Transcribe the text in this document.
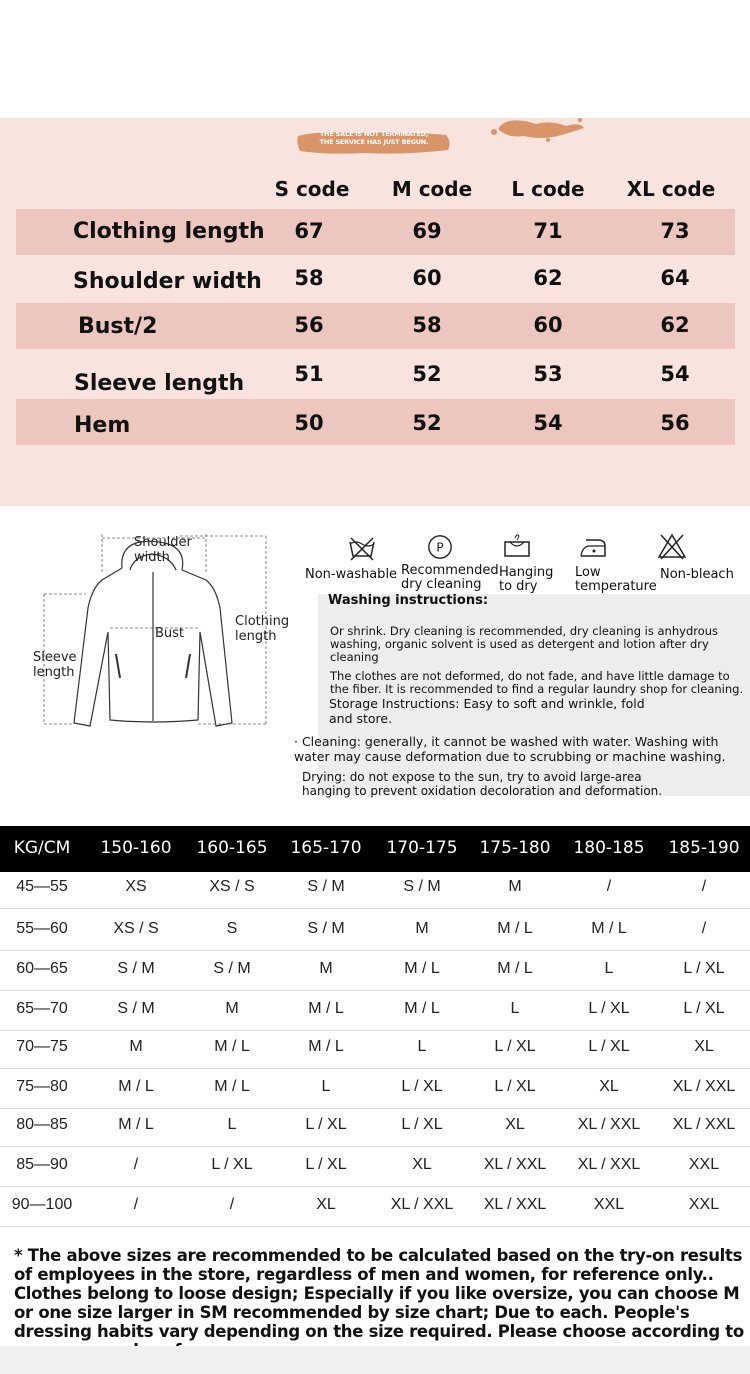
THE SALE IS NOT TERMINATED,
THE SERVICE HAS JUST BEGUN.
S code M code L code XL code
Clothing length	67	69	71	73
Shoulder width	58	60	62	64
Bust/2	56	58	60	62
Sleeve length	51	52	53	54
Hem	50	52	54	56
Shoulder width
Bust
Clothing length
Sleeve length
P
Non-washable Recommended dry cleaning
Hanging to dry
Low temperature
Non-bleach
Washing instructions:
Or shrink. Dry cleaning is recommended, dry cleaning is anhydrous washing, organic solvent is used as detergent and lotion after dry cleaning
The clothes are not deformed, do not fade, and have little damage to the fiber. It is recommended to find a regular laundry shop for cleaning.
Storage Instructions: Easy to soft and wrinkle, fold and store.
· Cleaning: generally, it cannot be washed with water. Washing with water may cause deformation due to scrubbing or machine washing.
Drying: do not expose to the sun, try to avoid large-area hanging to prevent oxidation decoloration and deformation.
KG/CM	150-160	160-165	165-170	170-175	175-180	180-185	185-190
45—55	XS	XS / S	S / M	S / M	M	/	/
55—60	XS / S	S	S / M	M	M / L	M / L	/
60—65	S / M	S / M	M	M / L	M / L	L	L / XL
65—70	S / M	M	M / L	M / L	L	L / XL	L / XL
70—75	M	M / L	M / L	L	L / XL	L / XL	XL
75—80	M / L	M / L	L	L / XL	L / XL	XL	XL / XXL
80—85	M / L	L	L / XL	L / XL	XL	XL / XXL	XL / XXL
85—90	/	L / XL	L / XL	XL	XL / XXL	XL / XXL	XXL
90—100	/	/	XL	XL / XXL	XL / XXL	XXL	XXL
* The above sizes are recommended to be calculated based on the try-on results of employees in the store, regardless of men and women, for reference only.. Clothes belong to loose design; Especially if you like oversize, you can choose M or one size larger in SM recommended by size chart; Due to each. People's dressing habits vary depending on the size required. Please choose according to
